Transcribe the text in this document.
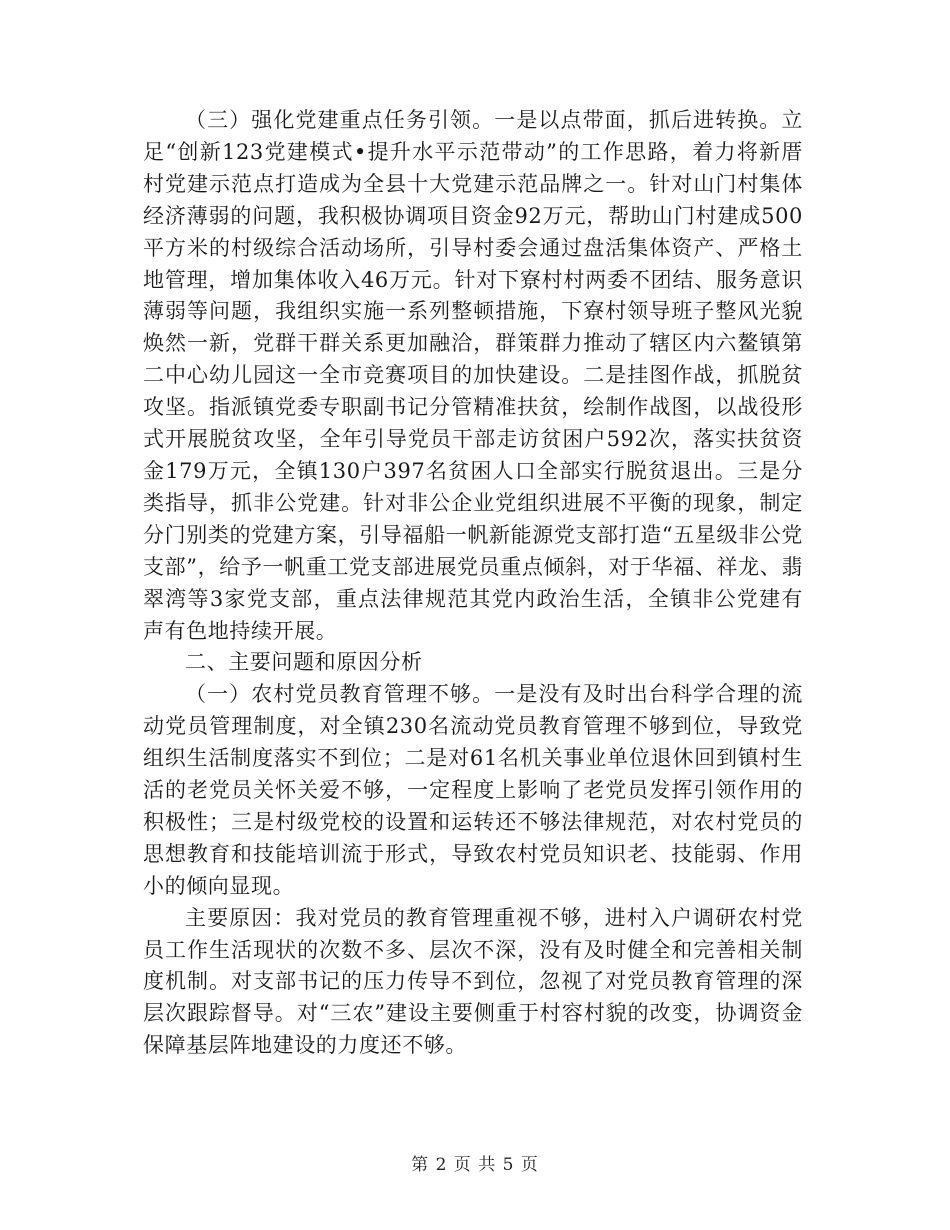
（三）强化党建重点任务引领。一是以点带面，抓后进转换。立足“创新123党建模式•提升水平示范带动”的工作思路，着力将新厝村党建示范点打造成为全县十大党建示范品牌之一。针对山门村集体经济薄弱的问题，我积极协调项目资金92万元，帮助山门村建成500平方米的村级综合活动场所，引导村委会通过盘活集体资产、严格土地管理，增加集体收入46万元。针对下寮村村两委不团结、服务意识薄弱等问题，我组织实施一系列整顿措施，下寮村领导班子整风光貌焕然一新，党群干群关系更加融洽，群策群力推动了辖区内六鳌镇第二中心幼儿园这一全市竞赛项目的加快建设。二是挂图作战，抓脱贫攻坚。指派镇党委专职副书记分管精准扶贫，绘制作战图，以战役形式开展脱贫攻坚，全年引导党员干部走访贫困户592次，落实扶贫资金179万元，全镇130户397名贫困人口全部实行脱贫退出。三是分类指导，抓非公党建。针对非公企业党组织进展不平衡的现象，制定分门别类的党建方案，引导福船一帆新能源党支部打造“五星级非公党支部”，给予一帆重工党支部进展党员重点倾斜，对于华福、祥龙、翡翠湾等3家党支部，重点法律规范其党内政治生活，全镇非公党建有声有色地持续开展。

二、主要问题和原因分析

（一）农村党员教育管理不够。一是没有及时出台科学合理的流动党员管理制度，对全镇230名流动党员教育管理不够到位，导致党组织生活制度落实不到位；二是对61名机关事业单位退休回到镇村生活的老党员关怀关爱不够，一定程度上影响了老党员发挥引领作用的积极性；三是村级党校的设置和运转还不够法律规范，对农村党员的思想教育和技能培训流于形式，导致农村党员知识老、技能弱、作用小的倾向显现。

主要原因：我对党员的教育管理重视不够，进村入户调研农村党员工作生活现状的次数不多、层次不深，没有及时健全和完善相关制度机制。对支部书记的压力传导不到位，忽视了对党员教育管理的深层次跟踪督导。对“三农”建设主要侧重于村容村貌的改变，协调资金保障基层阵地建设的力度还不够。

第 2 页 共 5 页
